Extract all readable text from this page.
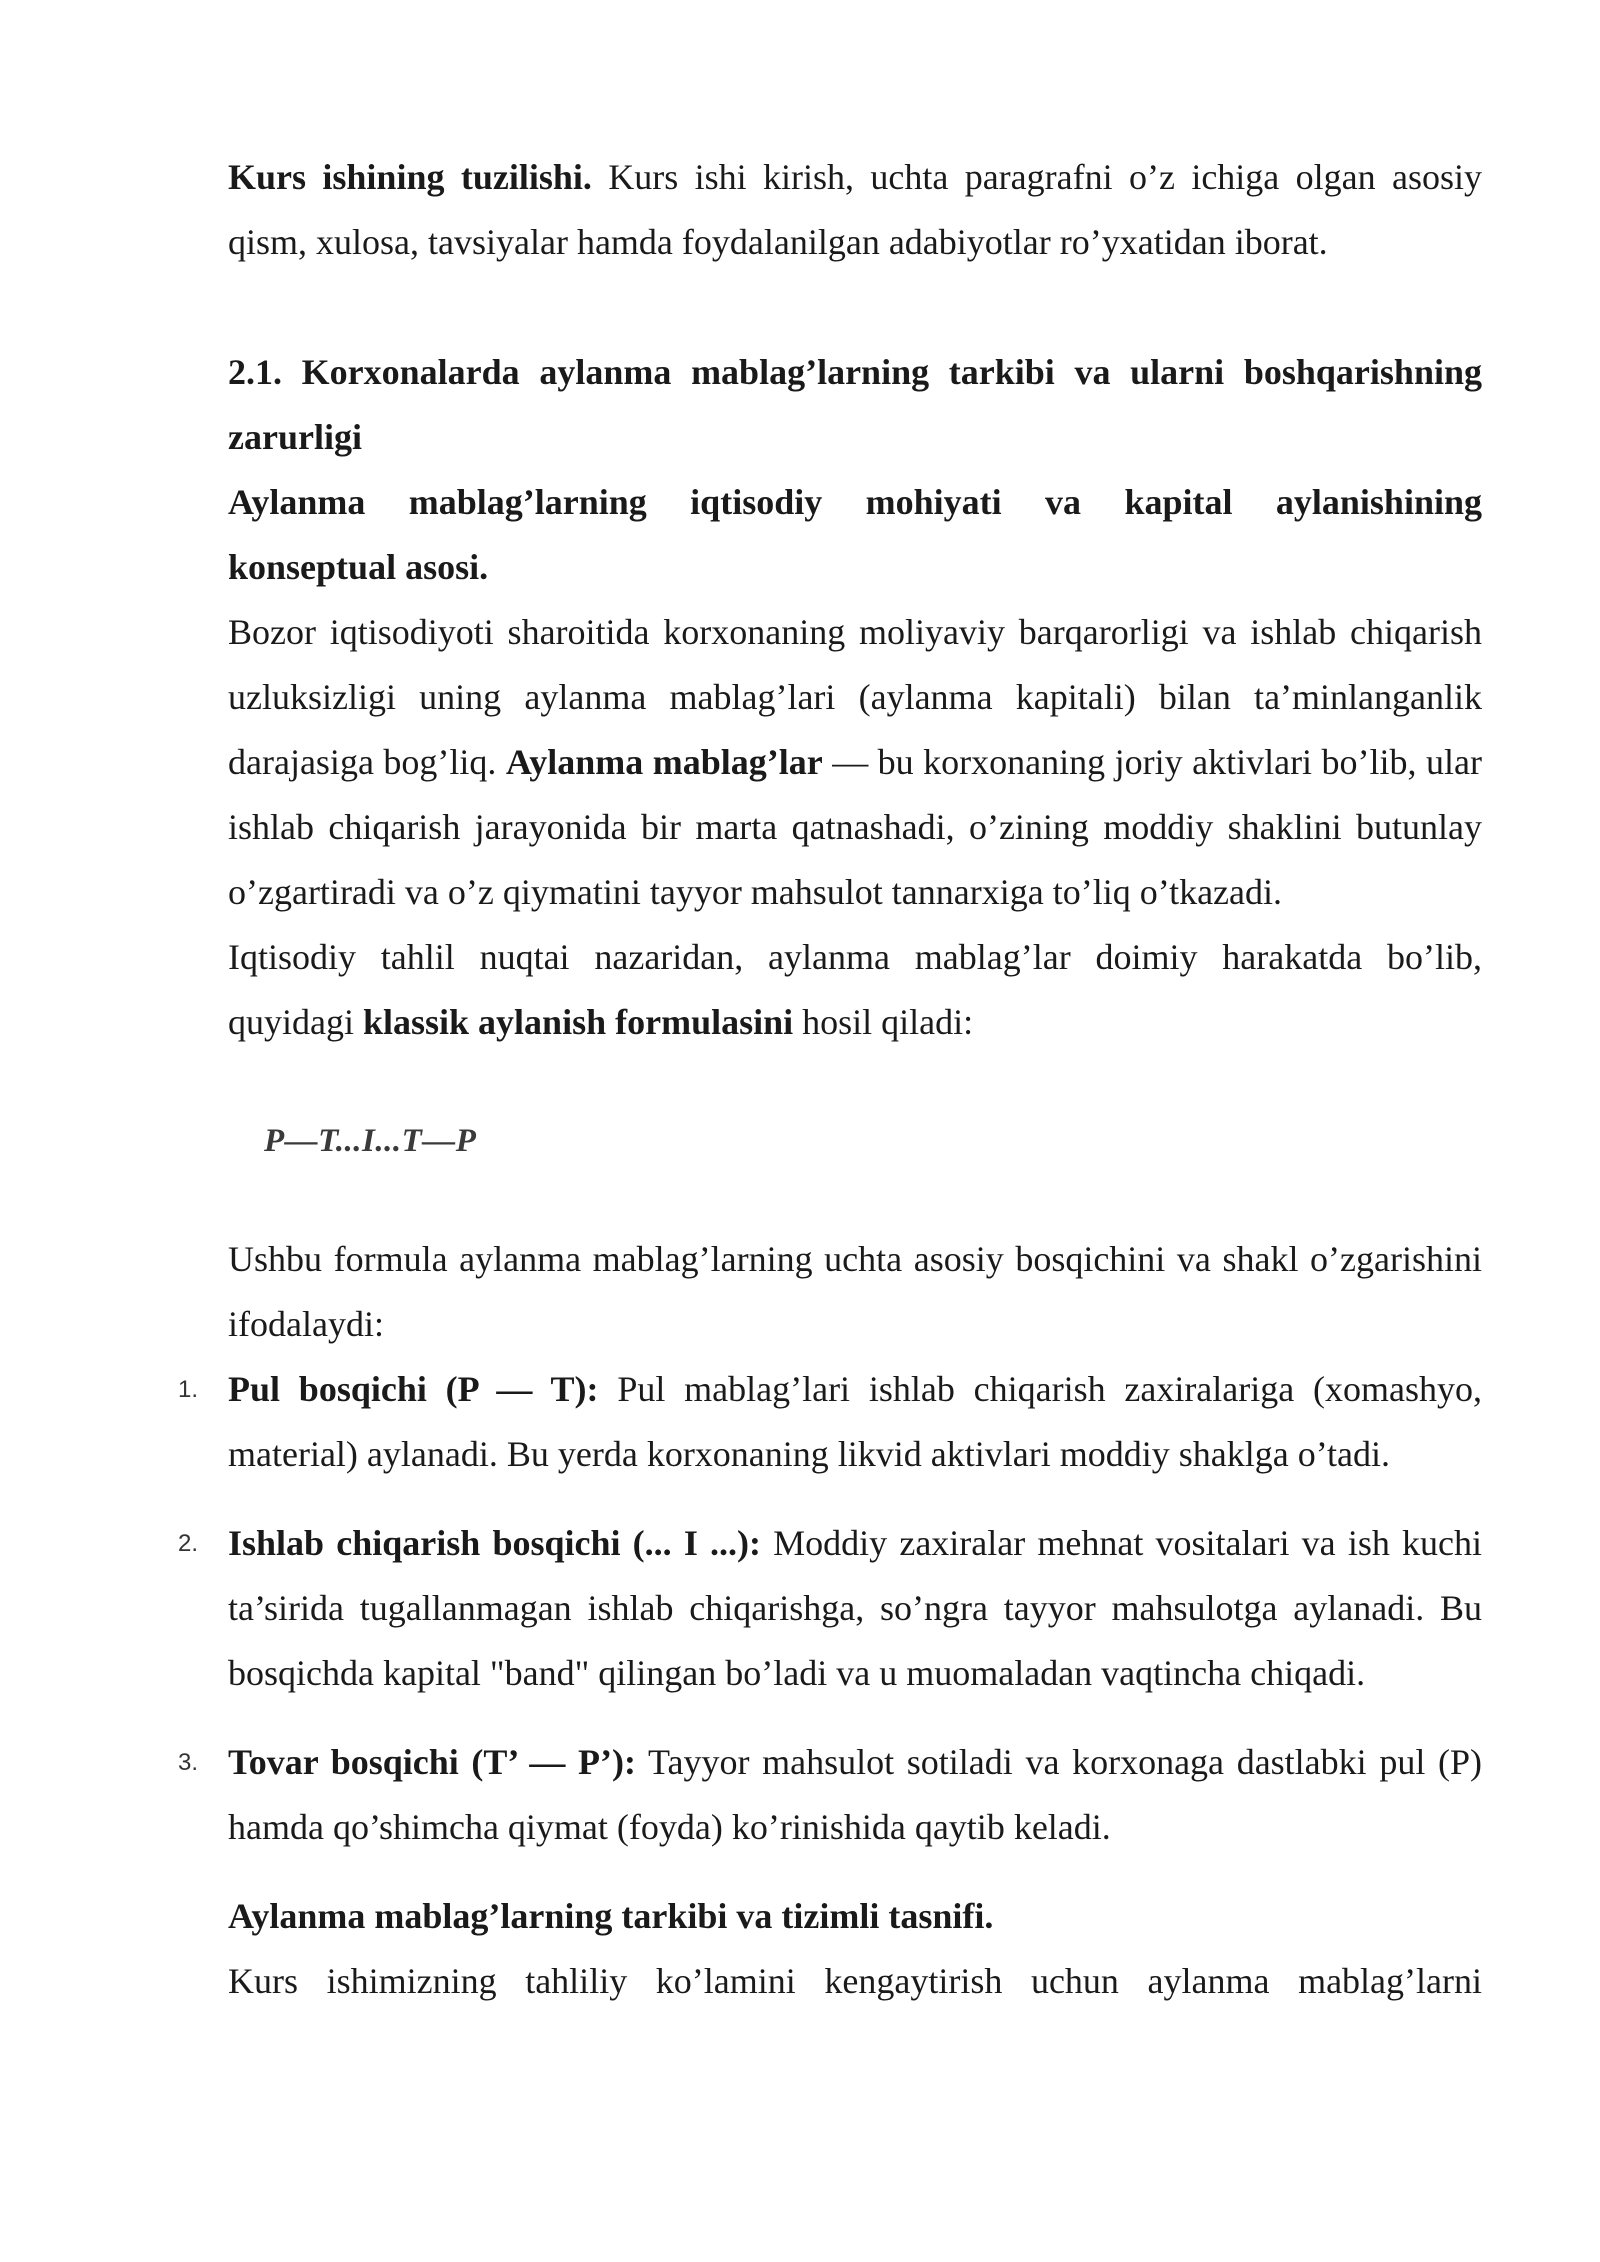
Kurs ishining tuzilishi. Kurs ishi kirish, uchta paragrafni o’z ichiga olgan asosiy qism, xulosa, tavsiyalar hamda foydalanilgan adabiyotlar ro’yxatidan iborat.

2.1. Korxonalarda aylanma mablag’larning tarkibi va ularni boshqarishning zarurligi
Aylanma mablag’larning iqtisodiy mohiyati va kapital aylanishining
konseptual asosi.

Bozor iqtisodiyoti sharoitida korxonaning moliyaviy barqarorligi va ishlab chiqarish uzluksizligi uning aylanma mablag’lari (aylanma kapitali) bilan ta’minlanganlik darajasiga bog’liq. Aylanma mablag’lar — bu korxonaning joriy aktivlari bo’lib, ular ishlab chiqarish jarayonida bir marta qatnashadi, o’zining moddiy shaklini butunlay o’zgartiradi va o’z qiymatini tayyor mahsulot tannarxiga to’liq o’tkazadi.

Iqtisodiy tahlil nuqtai nazaridan, aylanma mablag’lar doimiy harakatda bo’lib, quyidagi klassik aylanish formulasini hosil qiladi:

P—T...I...T—P

Ushbu formula aylanma mablag’larning uchta asosiy bosqichini va shakl o’zgarishini ifodalaydi:

1. Pul bosqichi (P — T): Pul mablag’lari ishlab chiqarish zaxiralariga (xomashyo, material) aylanadi. Bu yerda korxonaning likvid aktivlari moddiy shaklga o’tadi.
2. Ishlab chiqarish bosqichi (... I ...): Moddiy zaxiralar mehnat vositalari va ish kuchi ta’sirida tugallanmagan ishlab chiqarishga, so’ngra tayyor mahsulotga aylanadi. Bu bosqichda kapital "band" qilingan bo’ladi va u muomaladan vaqtincha chiqadi.
3. Tovar bosqichi (T’ — P’): Tayyor mahsulot sotiladi va korxonaga dastlabki pul (P) hamda qo’shimcha qiymat (foyda) ko’rinishida qaytib keladi.
Aylanma mablag’larning tarkibi va tizimli tasnifi.

Kurs ishimizning tahliliy ko’lamini kengaytirish uchun aylanma mablag’larni
